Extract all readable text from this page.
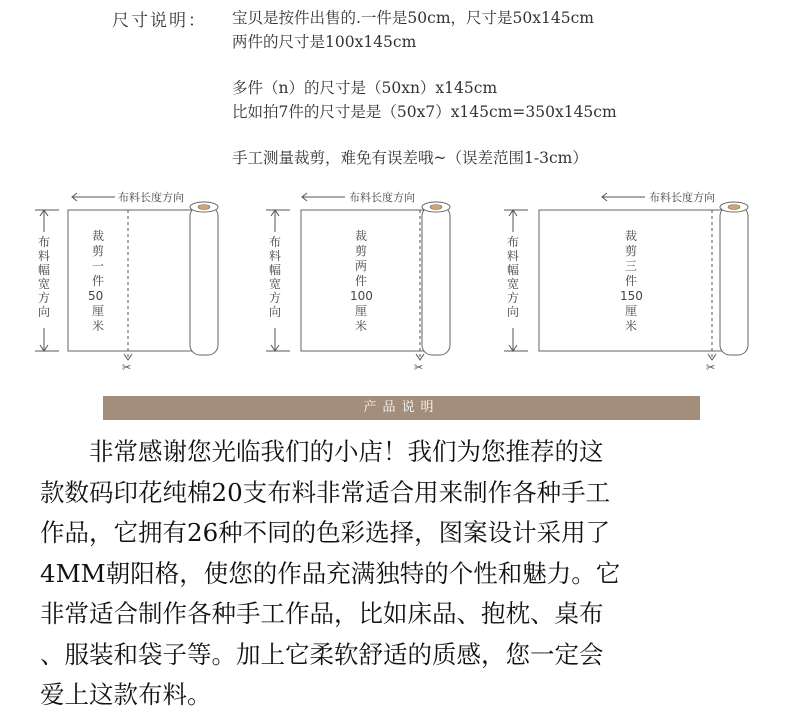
尺寸说明： 宝贝是按件出售的.一件是50cm，尺寸是50x145cm
两件的尺寸是100x145cm
多件（n）的尺寸是（50xn）x145cm
比如拍7件的尺寸是是（50x7）x145cm=350x145cm
手工测量裁剪，难免有误差哦~（误差范围1-3cm）
布料长度方向
布料幅宽方向
✂
裁剪一件 50 厘米
布料长度方向
布料幅宽方向
✂
裁剪两件 100 厘米
布料长度方向
布料幅宽方向
✂
裁剪三件 150 厘米
产品说明
　　非常感谢您光临我们的小店！我们为您推荐的这
款数码印花纯棉20支布料非常适合用来制作各种手工
作品，它拥有26种不同的色彩选择，图案设计采用了
4MM朝阳格，使您的作品充满独特的个性和魅力。它
非常适合制作各种手工作品，比如床品、抱枕、桌布
、服装和袋子等。加上它柔软舒适的质感，您一定会
爱上这款布料。
